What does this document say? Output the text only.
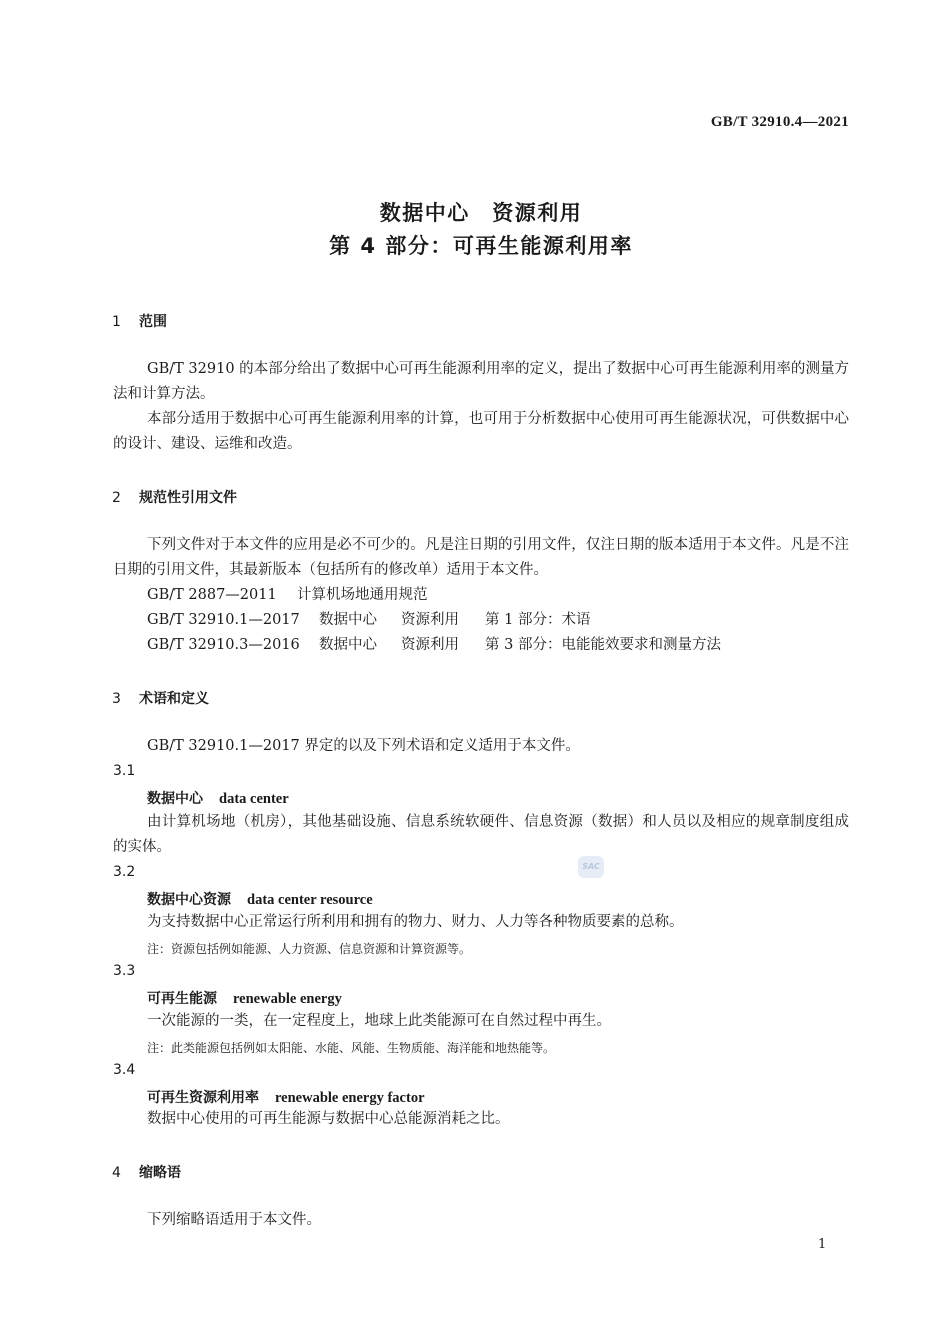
GB/T 32910.4—2021
数据中心　资源利用
第 4 部分：可再生能源利用率
1 范围
GB/T 32910 的本部分给出了数据中心可再生能源利用率的定义，提出了数据中心可再生能源利用率的测量方法和计算方法。
本部分适用于数据中心可再生能源利用率的计算，也可用于分析数据中心使用可再生能源状况，可供数据中心的设计、建设、运维和改造。
2 规范性引用文件
下列文件对于本文件的应用是必不可少的。凡是注日期的引用文件，仅注日期的版本适用于本文件。凡是不注日期的引用文件，其最新版本（包括所有的修改单）适用于本文件。
GB/T 2887—2011 计算机场地通用规范
GB/T 32910.1—2017 数据中心 资源利用 第 1 部分：术语
GB/T 32910.3—2016 数据中心 资源利用 第 3 部分：电能能效要求和测量方法
3 术语和定义
GB/T 32910.1—2017 界定的以及下列术语和定义适用于本文件。
3.1
数据中心 data center
由计算机场地（机房），其他基础设施、信息系统软硬件、信息资源（数据）和人员以及相应的规章制度组成的实体。
3.2
数据中心资源 data center resource
为支持数据中心正常运行所利用和拥有的物力、财力、人力等各种物质要素的总称。
注：资源包括例如能源、人力资源、信息资源和计算资源等。
3.3
可再生能源 renewable energy
一次能源的一类，在一定程度上，地球上此类能源可在自然过程中再生。
注：此类能源包括例如太阳能、水能、风能、生物质能、海洋能和地热能等。
3.4
可再生资源利用率 renewable energy factor
数据中心使用的可再生能源与数据中心总能源消耗之比。
4 缩略语
下列缩略语适用于本文件。
SAC
1
